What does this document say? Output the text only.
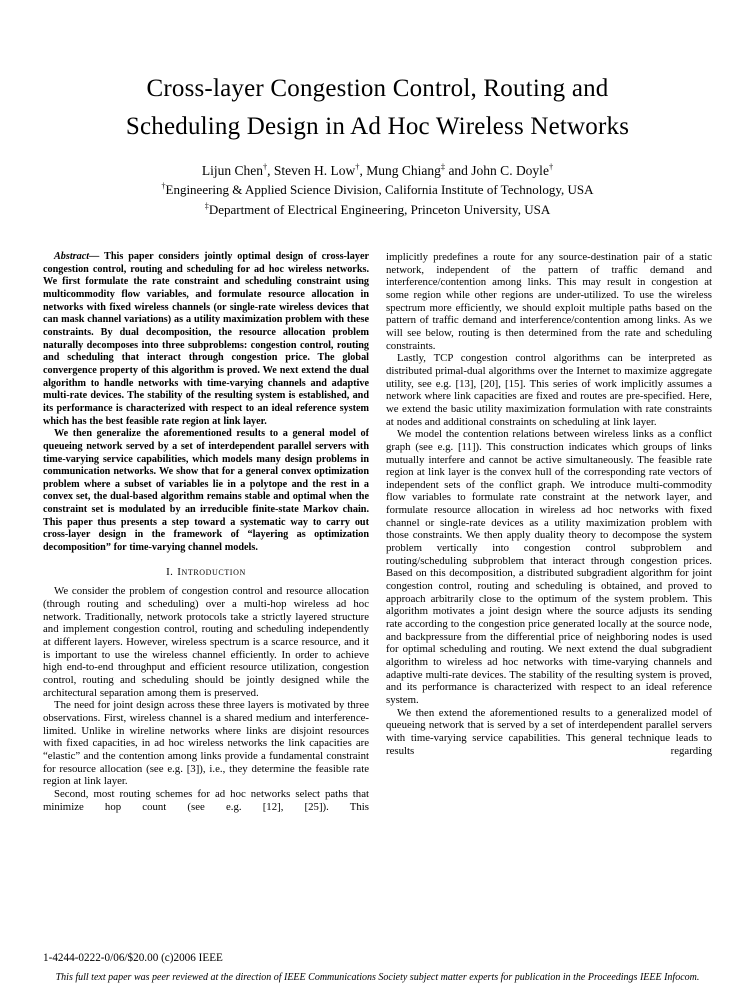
Cross-layer Congestion Control, Routing and
Scheduling Design in Ad Hoc Wireless Networks
Lijun Chen†, Steven H. Low†, Mung Chiang‡ and John C. Doyle†
†Engineering & Applied Science Division, California Institute of Technology, USA
‡Department of Electrical Engineering, Princeton University, USA

Abstract— This paper considers jointly optimal design of cross-layer congestion control, routing and scheduling for ad hoc wireless networks. We first formulate the rate constraint and scheduling constraint using multicommodity flow variables, and formulate resource allocation in networks with fixed wireless channels (or single-rate wireless devices that can mask channel variations) as a utility maximization problem with these constraints. By dual decomposition, the resource allocation problem naturally decomposes into three subproblems: congestion control, routing and scheduling that interact through congestion price. The global convergence property of this algorithm is proved. We next extend the dual algorithm to handle networks with time-varying channels and adaptive multi-rate devices. The stability of the resulting system is established, and its performance is characterized with respect to an ideal reference system which has the best feasible rate region at link layer.

We then generalize the aforementioned results to a general model of queueing network served by a set of interdependent parallel servers with time-varying service capabilities, which models many design problems in communication networks. We show that for a general convex optimization problem where a subset of variables lie in a polytope and the rest in a convex set, the dual-based algorithm remains stable and optimal when the constraint set is modulated by an irreducible finite-state Markov chain. This paper thus presents a step toward a systematic way to carry out cross-layer design in the framework of “layering as optimization decomposition” for time-varying channel models.

I. Introduction

We consider the problem of congestion control and resource allocation (through routing and scheduling) over a multi-hop wireless ad hoc network. Traditionally, network protocols take a strictly layered structure and implement congestion control, routing and scheduling independently at different layers. However, wireless spectrum is a scarce resource, and it is important to use the wireless channel efficiently. In order to achieve high end-to-end throughput and efficient resource utilization, congestion control, routing and scheduling should be jointly designed while the architectural separation among them is preserved.

The need for joint design across these three layers is motivated by three observations. First, wireless channel is a shared medium and interference-limited. Unlike in wireline networks where links are disjoint resources with fixed capacities, in ad hoc wireless networks the link capacities are “elastic” and the contention among links provide a fundamental constraint for resource allocation (see e.g. [3]), i.e., they determine the feasible rate region at link layer.

Second, most routing schemes for ad hoc networks select paths that minimize hop count (see e.g. [12], [25]). This

implicitly predefines a route for any source-destination pair of a static network, independent of the pattern of traffic demand and interference/contention among links. This may result in congestion at some region while other regions are under-utilized. To use the wireless spectrum more efficiently, we should exploit multiple paths based on the pattern of traffic demand and interference/contention among links. As we will see below, routing is then determined from the rate and scheduling constraints.

Lastly, TCP congestion control algorithms can be interpreted as distributed primal-dual algorithms over the Internet to maximize aggregate utility, see e.g. [13], [20], [15]. This series of work implicitly assumes a network where link capacities are fixed and routes are pre-specified. Here, we extend the basic utility maximization formulation with rate constraints at nodes and additional constraints on scheduling at link layer.

We model the contention relations between wireless links as a conflict graph (see e.g. [11]). This construction indicates which groups of links mutually interfere and cannot be active simultaneously. The feasible rate region at link layer is the convex hull of the corresponding rate vectors of independent sets of the conflict graph. We introduce multi-commodity flow variables to formulate rate constraint at the network layer, and formulate resource allocation in wireless ad hoc networks with fixed channel or single-rate devices as a utility maximization problem with those constraints. We then apply duality theory to decompose the system problem vertically into congestion control subproblem and routing/scheduling subproblem that interact through congestion prices. Based on this decomposition, a distributed subgradient algorithm for joint congestion control, routing and scheduling is obtained, and proved to approach arbitrarily close to the optimum of the system problem. This algorithm motivates a joint design where the source adjusts its sending rate according to the congestion price generated locally at the source node, and backpressure from the differential price of neighboring nodes is used for optimal scheduling and routing. We next extend the dual subgradient algorithm to wireless ad hoc networks with time-varying channels and adaptive multi-rate devices. The stability of the resulting system is proved, and its performance is characterized with respect to an ideal reference system.

We then extend the aforementioned results to a generalized model of queueing network that is served by a set of interdependent parallel servers with time-varying service capabilities. This general technique leads to results regarding

1-4244-0222-0/06/$20.00 (c)2006 IEEE
This full text paper was peer reviewed at the direction of IEEE Communications Society subject matter experts for publication in the Proceedings IEEE Infocom.
